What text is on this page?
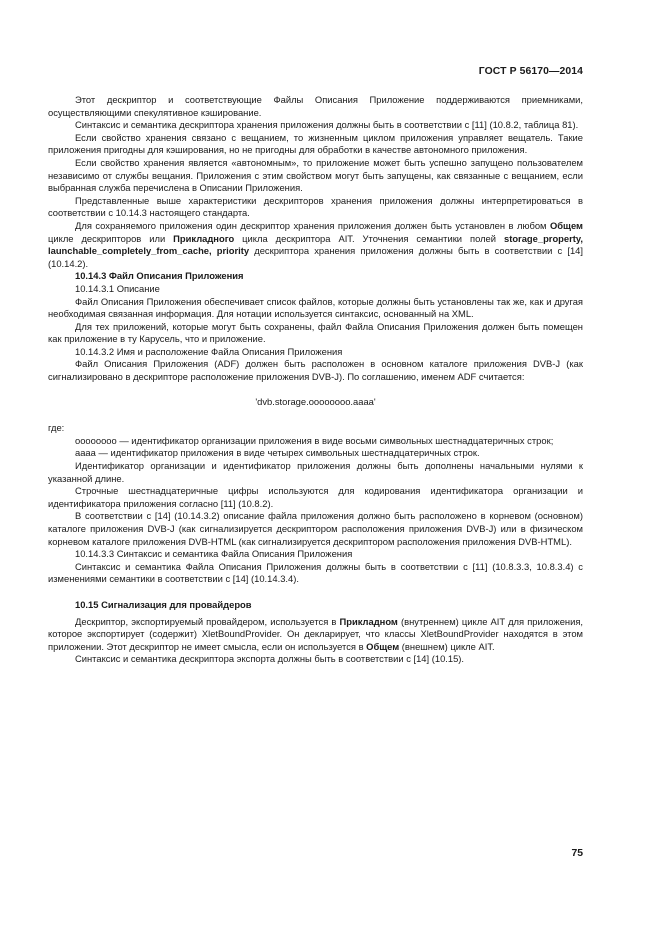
ГОСТ Р 56170—2014

Этот дескриптор и соответствующие Файлы Описания Приложение поддерживаются приемниками, осуществляющими спекулятивное кэширование.

Синтаксис и семантика дескриптора хранения приложения должны быть в соответствии с [11] (10.8.2, таблица 81).

Если свойство хранения связано с вещанием, то жизненным циклом приложения управляет вещатель. Такие приложения пригодны для кэширования, но не пригодны для обработки в качестве автономного приложения.

Если свойство хранения является «автономным», то приложение может быть успешно запущено пользователем независимо от службы вещания. Приложения с этим свойством могут быть запущены, как связанные с вещанием, если выбранная служба перечислена в Описании Приложения.

Представленные выше характеристики дескрипторов хранения приложения должны интерпретироваться в соответствии с 10.14.3 настоящего стандарта.

Для сохраняемого приложения один дескриптор хранения приложения должен быть установлен в любом Общем цикле дескрипторов или Прикладного цикла дескриптора AIT. Уточнения семантики полей storage_property, launchable_completely_from_cache, priority дескриптора хранения приложения должны быть в соответствии с [14] (10.14.2).

10.14.3 Файл Описания Приложения

10.14.3.1 Описание

Файл Описания Приложения обеспечивает список файлов, которые должны быть установлены так же, как и другая необходимая связанная информация. Для нотации используется синтаксис, основанный на XML.

Для тех приложений, которые могут быть сохранены, файл Файла Описания Приложения должен быть помещен как приложение в ту Карусель, что и приложение.

10.14.3.2 Имя и расположение Файла Описания Приложения

Файл Описания Приложения (ADF) должен быть расположен в основном каталоге приложения DVB-J (как сигнализировано в дескрипторе расположение приложения DVB-J). По соглашению, именем ADF считается:

'dvb.storage.oooooooo.aaaa'

где:

oooooooo — идентификатор организации приложения в виде восьми символьных шестнадцатеричных строк;

aaaa — идентификатор приложения в виде четырех символьных шестнадцатеричных строк.

Идентификатор организации и идентификатор приложения должны быть дополнены начальными нулями к указанной длине.

Строчные шестнадцатеричные цифры используются для кодирования идентификатора организации и идентификатора приложения согласно [11] (10.8.2).

В соответствии с [14] (10.14.3.2) описание файла приложения должно быть расположено в корневом (основном) каталоге приложения DVB-J (как сигнализируется дескриптором расположения приложения DVB-J) или в физическом корневом каталоге приложения DVB-HTML (как сигнализируется дескриптором расположения приложения DVB-HTML).

10.14.3.3 Синтаксис и семантика Файла Описания Приложения

Синтаксис и семантика Файла Описания Приложения должны быть в соответствии с [11] (10.8.3.3, 10.8.3.4) с изменениями семантики в соответствии с [14] (10.14.3.4).

10.15 Сигнализация для провайдеров

Дескриптор, экспортируемый провайдером, используется в Прикладном (внутреннем) цикле AIT для приложения, которое экспортирует (содержит) XletBoundProvider. Он декларирует, что классы XletBoundProvider находятся в этом приложении. Этот дескриптор не имеет смысла, если он используется в Общем (внешнем) цикле AIT.

Синтаксис и семантика дескриптора экспорта должны быть в соответствии с [14] (10.15).

75
